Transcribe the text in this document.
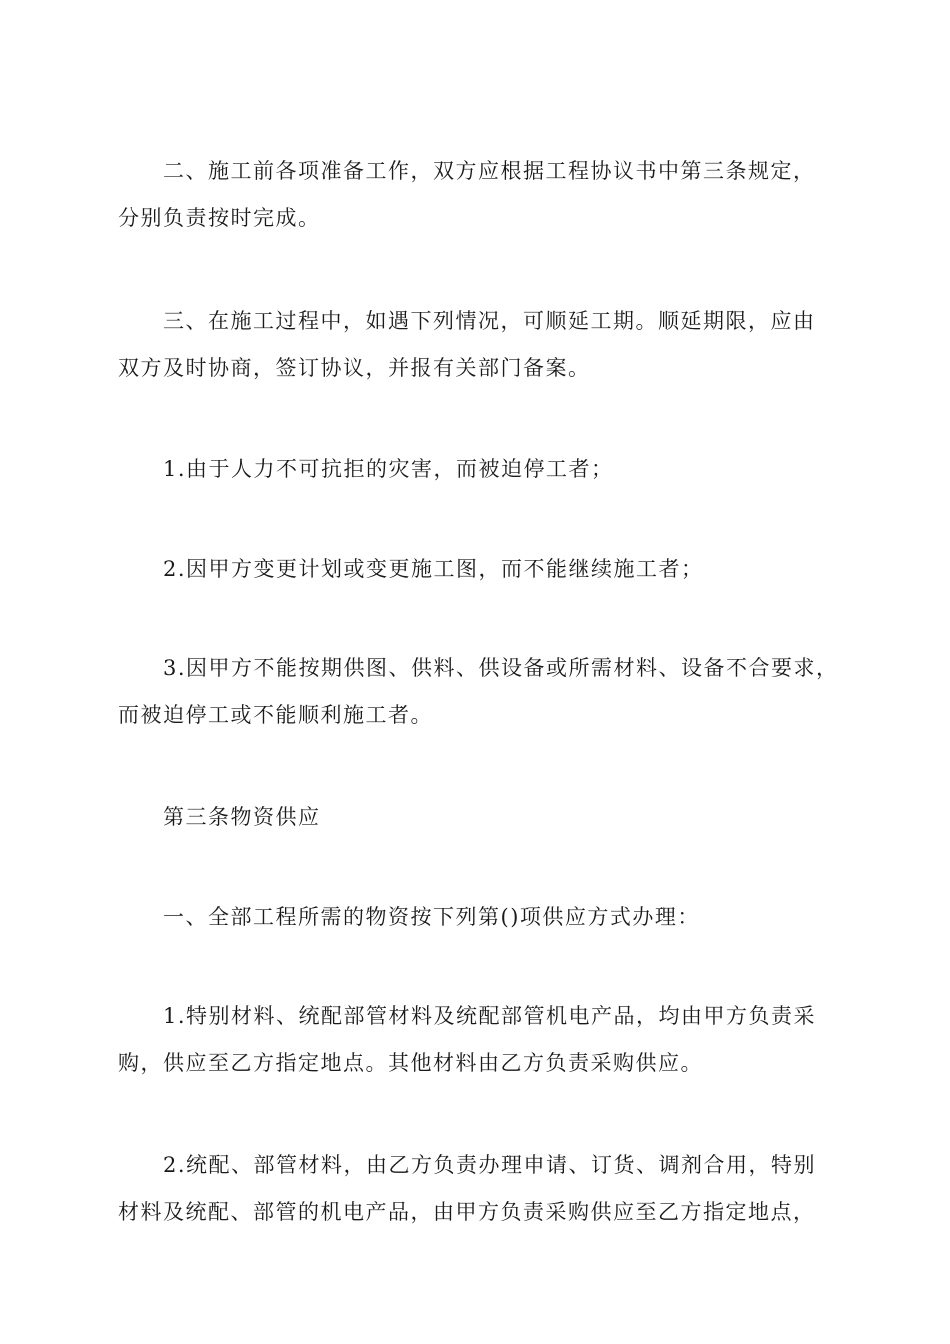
二、施工前各项准备工作，双方应根据工程协议书中第三条规定，
分别负责按时完成。

三、在施工过程中，如遇下列情况，可顺延工期。顺延期限，应由
双方及时协商，签订协议，并报有关部门备案。

1.由于人力不可抗拒的灾害，而被迫停工者；

2.因甲方变更计划或变更施工图，而不能继续施工者；

3.因甲方不能按期供图、供料、供设备或所需材料、设备不合要求，
而被迫停工或不能顺利施工者。

第三条物资供应

一、全部工程所需的物资按下列第()项供应方式办理：

1.特别材料、统配部管材料及统配部管机电产品，均由甲方负责采
购，供应至乙方指定地点。其他材料由乙方负责采购供应。

2.统配、部管材料，由乙方负责办理申请、订货、调剂合用，特别
材料及统配、部管的机电产品，由甲方负责采购供应至乙方指定地点，
